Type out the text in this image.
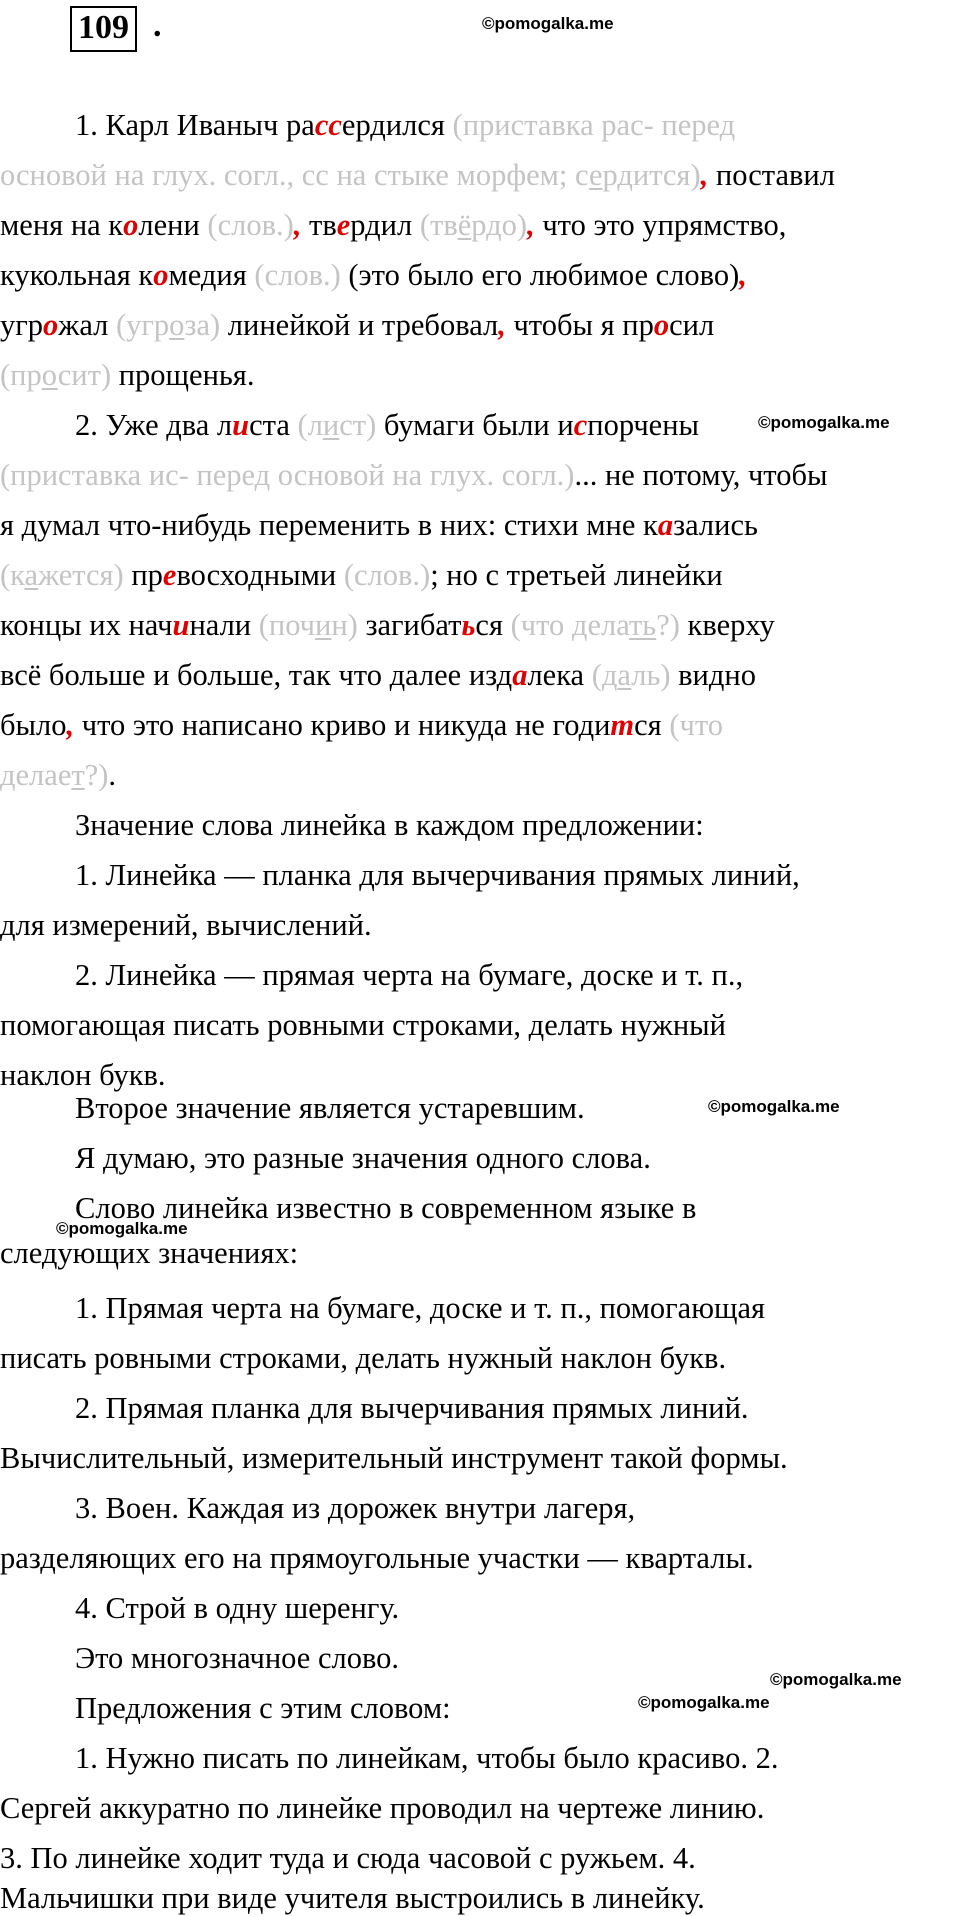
109 .	©pomogalka.me
©pomogalka.me
©pomogalka.me
©pomogalka.me
©pomogalka.me
©pomogalka.me
1. Карл Иваныч рассердился (приставка рас- перед
основой на глух. согл., сс на стыке морфем; сердится), поставил
меня на колени (слов.), твердил (твёрдо), что это упрямство,
кукольная комедия (слов.) (это было его любимое слово),
угрожал (угроза) линейкой и требовал, чтобы я просил
(просит) прощенья.
2. Уже два листа (лист) бумаги были испорчены
(приставка ис- перед основой на глух. согл.)... не потому, чтобы
я думал что-нибудь переменить в них: стихи мне казались
(кажется) превосходными (слов.); но с третьей линейки
концы их начинали (почин) загибаться (что делать?) кверху
всё больше и больше, так что далее издалека (даль) видно
было, что это написано криво и никуда не годится (что
делает?).
Значение слова линейка в каждом предложении:
1. Линейка — планка для вычерчивания прямых линий,
для измерений, вычислений.
2. Линейка — прямая черта на бумаге, доске и т. п.,
помогающая писать ровными строками, делать нужный
наклон букв.
Второе значение является устаревшим.
Я думаю, это разные значения одного слова.
Слово линейка известно в современном языке в
следующих значениях:
1. Прямая черта на бумаге, доске и т. п., помогающая
писать ровными строками, делать нужный наклон букв.
2. Прямая планка для вычерчивания прямых линий.
Вычислительный, измерительный инструмент такой формы.
3. Воен. Каждая из дорожек внутри лагеря,
разделяющих его на прямоугольные участки — кварталы.
4. Строй в одну шеренгу.
Это многозначное слово.
Предложения с этим словом:
1. Нужно писать по линейкам, чтобы было красиво. 2.
Сергей аккуратно по линейке проводил на чертеже линию.
3. По линейке ходит туда и сюда часовой с ружьем. 4.
Мальчишки при виде учителя выстроились в линейку.
